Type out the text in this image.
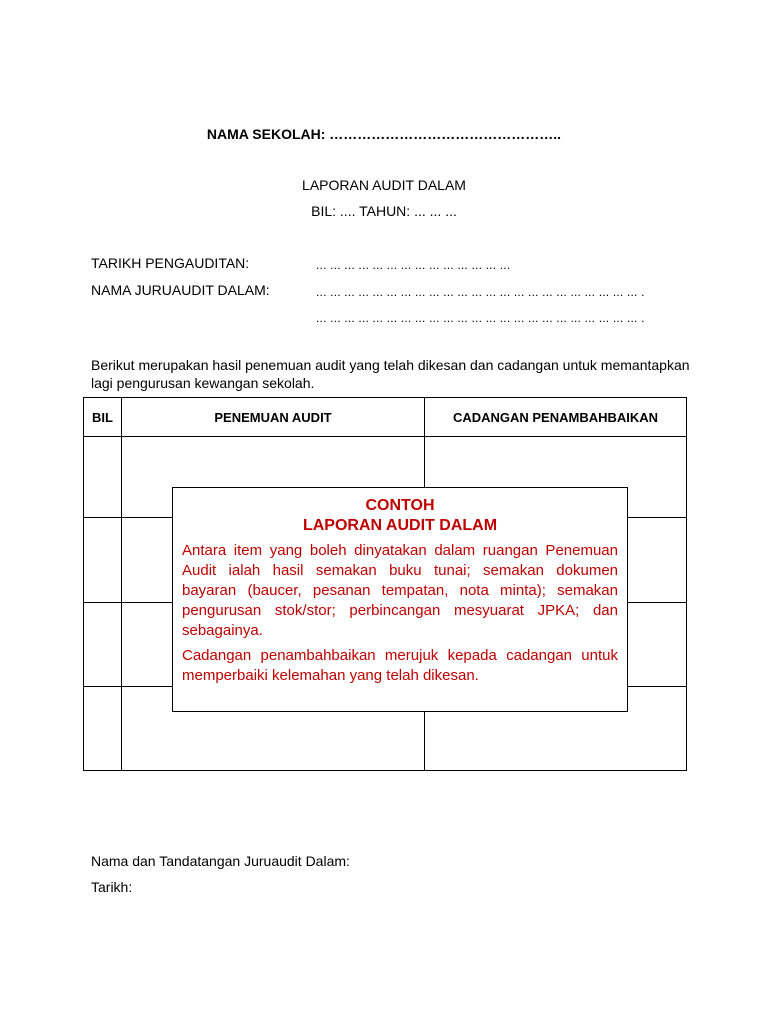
NAMA SEKOLAH: …………………………………………..
LAPORAN AUDIT DALAM
BIL: .... TAHUN: ... ... ...
TARIKH PENGAUDITAN:	... ... ... ... ... ... ... ... ... ... ... ... ... ...
NAMA JURUAUDIT DALAM:	... ... ... ... ... ... ... ... ... ... ... ... ... ... ... ... ... ... ... ... ... ... ... .
... ... ... ... ... ... ... ... ... ... ... ... ... ... ... ... ... ... ... ... ... ... ... .
Berikut merupakan hasil penemuan audit yang telah dikesan dan cadangan untuk memantapkan lagi pengurusan kewangan sekolah.
BIL	PENEMUAN AUDIT	CADANGAN PENAMBAHBAIKAN

CONTOH
LAPORAN AUDIT DALAM

Antara item yang boleh dinyatakan dalam ruangan Penemuan Audit ialah hasil semakan buku tunai; semakan dokumen bayaran (baucer, pesanan tempatan, nota minta); semakan pengurusan stok/stor; perbincangan mesyuarat JPKA; dan sebagainya.

Cadangan penambahbaikan merujuk kepada cadangan untuk memperbaiki kelemahan yang telah dikesan.

Nama dan Tandatangan Juruaudit Dalam:
Tarikh:
